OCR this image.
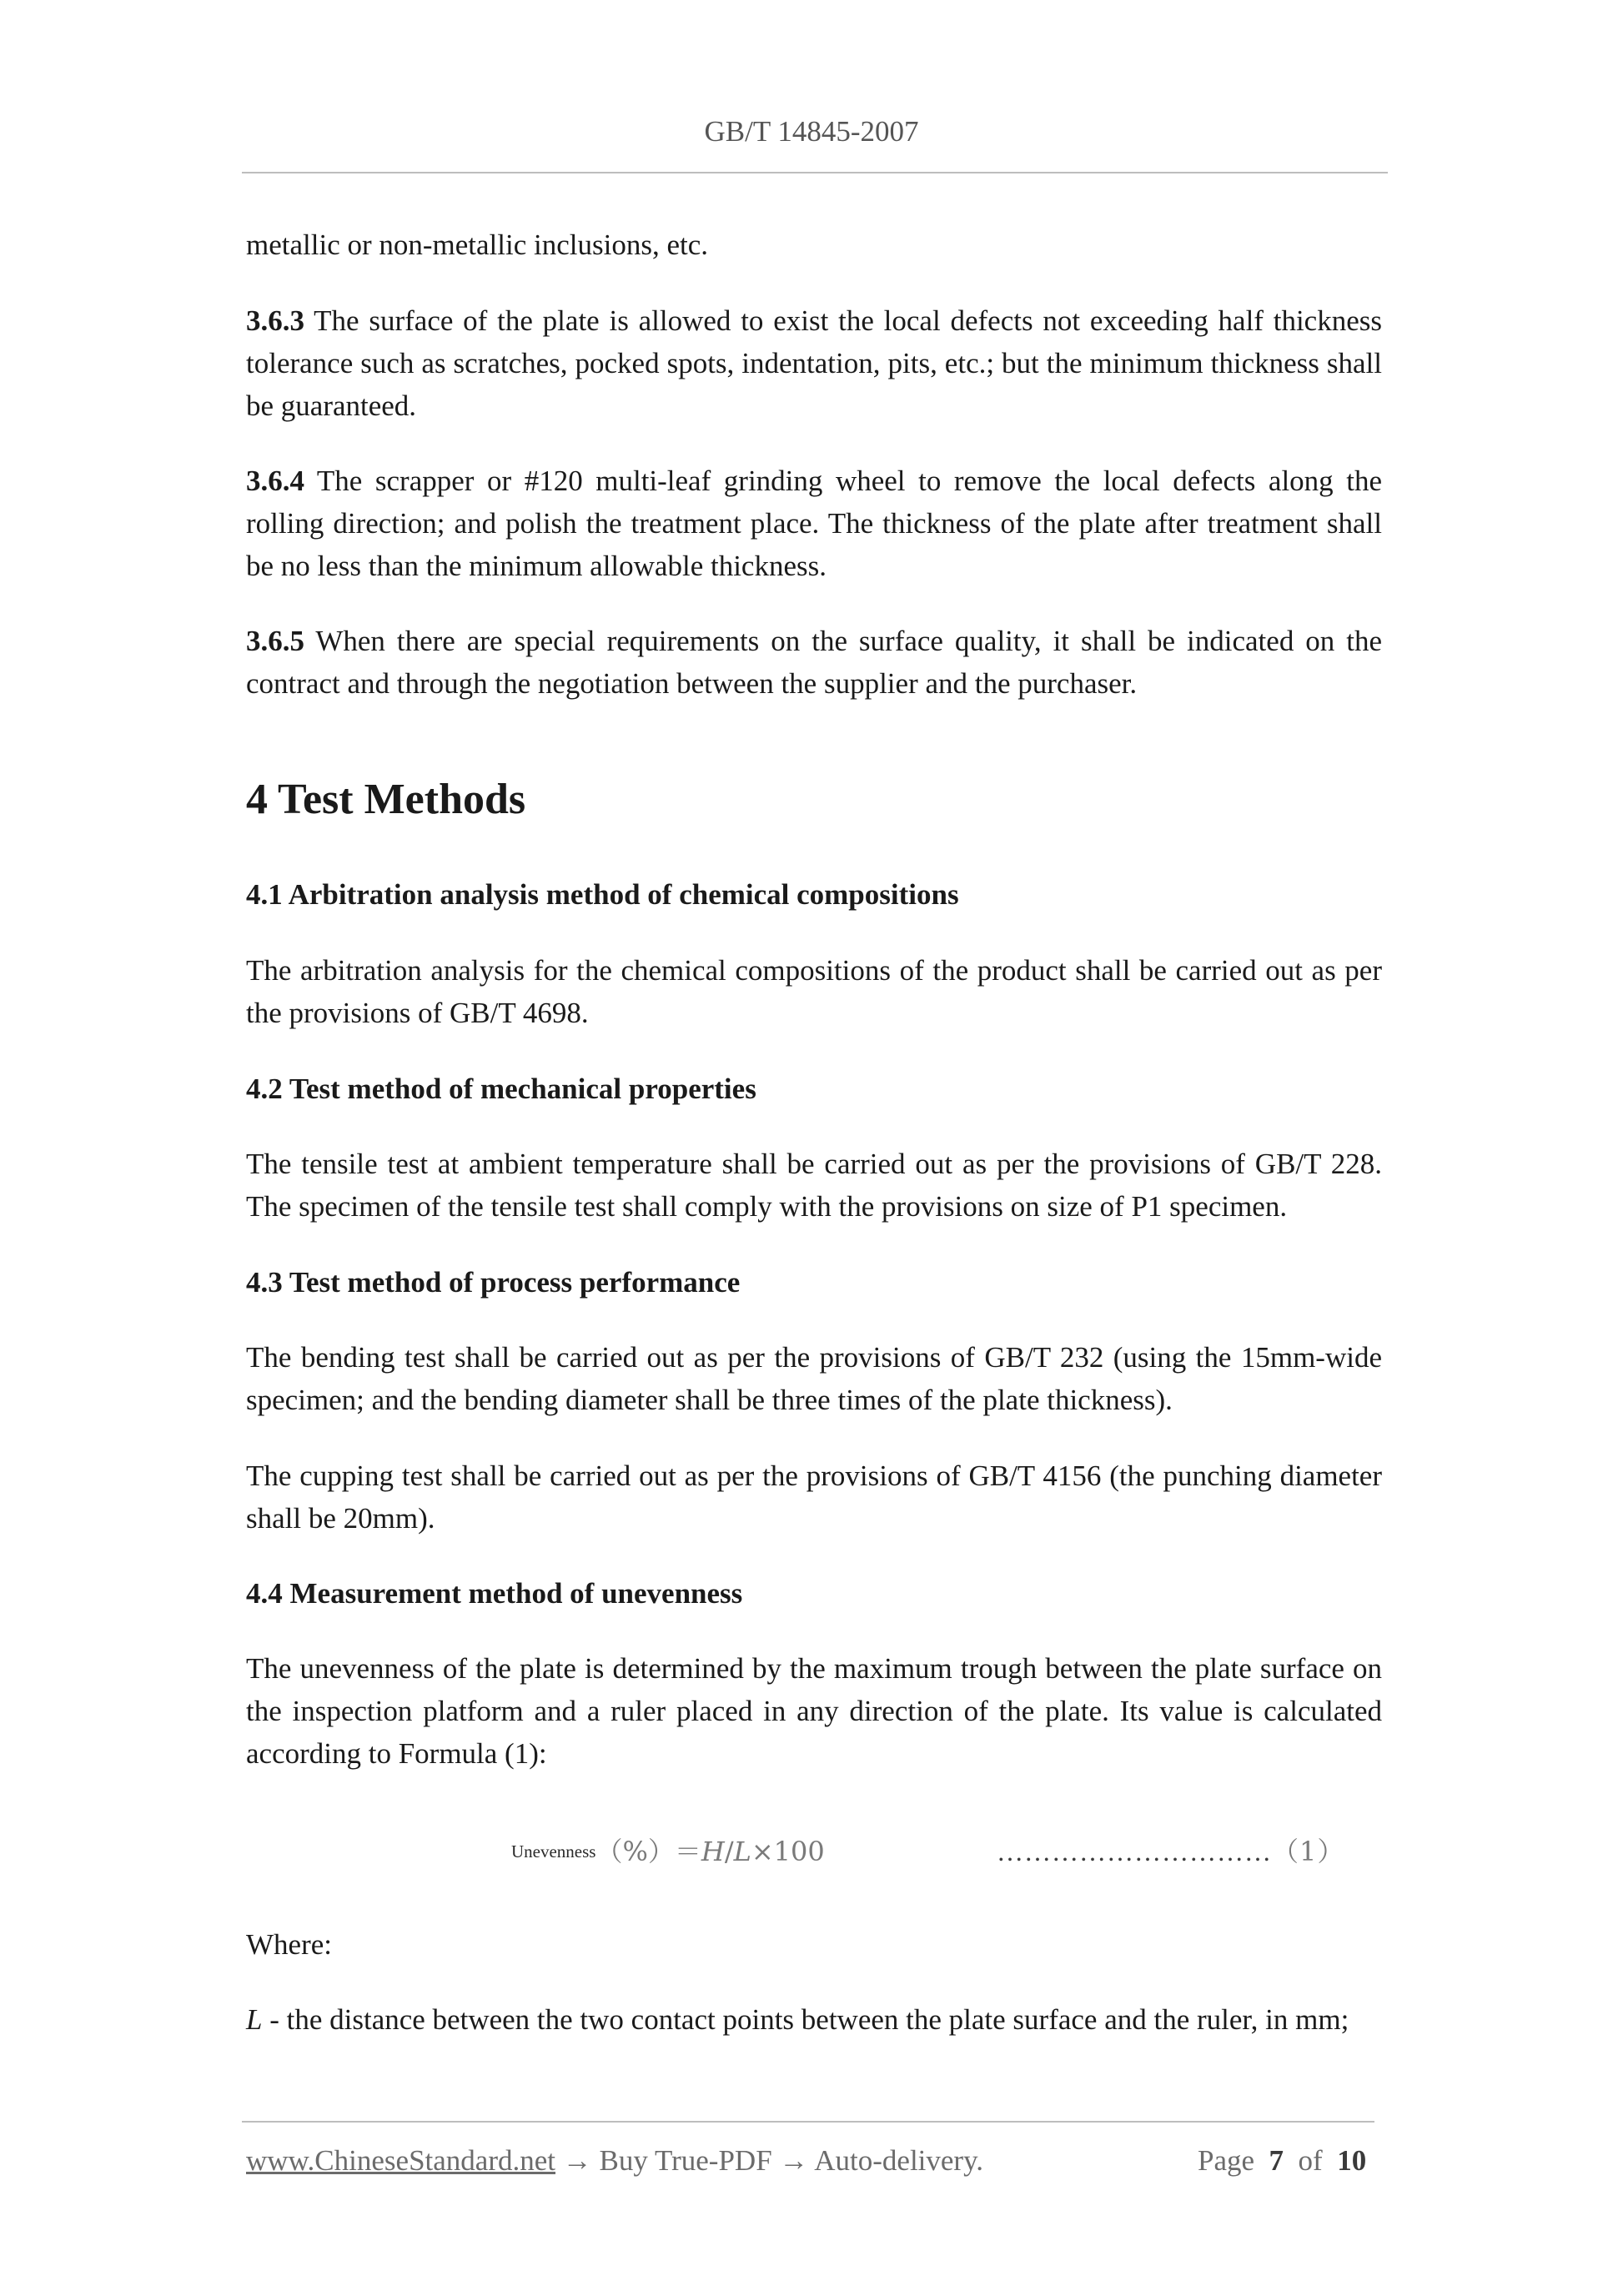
GB/T 14845-2007

metallic or non-metallic inclusions, etc.

3.6.3 The surface of the plate is allowed to exist the local defects not exceeding half thickness tolerance such as scratches, pocked spots, indentation, pits, etc.; but the minimum thickness shall be guaranteed.

3.6.4 The scrapper or #120 multi-leaf grinding wheel to remove the local defects along the rolling direction; and polish the treatment place. The thickness of the plate after treatment shall be no less than the minimum allowable thickness.

3.6.5 When there are special requirements on the surface quality, it shall be indicated on the contract and through the negotiation between the supplier and the purchaser.

4 Test Methods
4.1 Arbitration analysis method of chemical compositions

The arbitration analysis for the chemical compositions of the product shall be carried out as per the provisions of GB/T 4698.

4.2 Test method of mechanical properties

The tensile test at ambient temperature shall be carried out as per the provisions of GB/T 228. The specimen of the tensile test shall comply with the provisions on size of P1 specimen.

4.3 Test method of process performance

The bending test shall be carried out as per the provisions of GB/T 232 (using the 15mm-wide specimen; and the bending diameter shall be three times of the plate thickness).

The cupping test shall be carried out as per the provisions of GB/T 4156 (the punching diameter shall be 20mm).

4.4 Measurement method of unevenness

The unevenness of the plate is determined by the maximum trough between the plate surface on the inspection platform and a ruler placed in any direction of the plate. Its value is calculated according to Formula (1):

Unevenness（%）＝H/L×100	…………………………（1）

Where:

L - the distance between the two contact points between the plate surface and the ruler, in mm;

www.ChineseStandard.net → Buy True-PDF → Auto-delivery.	Page 7 of 10
